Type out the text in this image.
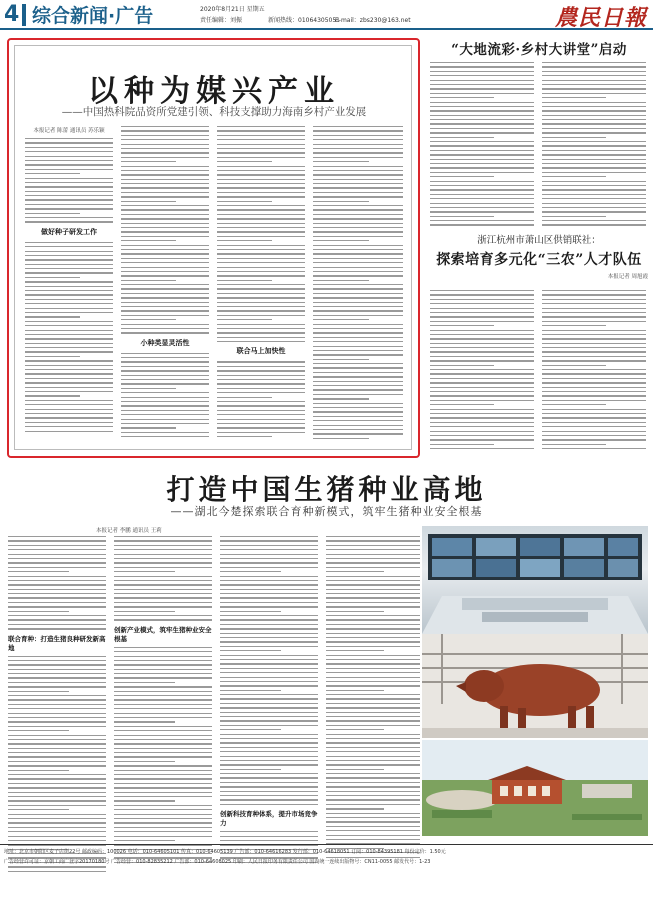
4 综合新闻·广告	2020年8月21日 星期五
责任编辑：刘振	新闻热线： 01064305051
E-mail：zbs230@163.net	農民日報
以种为媒兴产业
——中国热科院品资所党建引领、科技支撑助力海南乡村产业发展
本报记者 陈蕾 通讯员 苏乐颖
做好种子研发工作
小种类显灵活性
联合马上加快性
“大地流彩·乡村大讲堂”启动
浙江杭州市萧山区供销联社：
探索培育多元化“三农”人才队伍
本报记者 周旭霞
打造中国生猪种业高地
——湖北今楚探索联合育种新模式，筑牢生猪种业安全根基
本报记者 李鹏 通讯员 王莉
联合育种：打造生猪良种研发新高地
创新产业模式，筑牢生猪种业安全根基
创新科技育种体系，提升市场竞争力
地址：北京市朝阳区麦子店街22号 邮政编码：100026 电话：010-64605101 传真：010-64605139 广告部：010-64616283 发行部：010-64618051 订阅：010-84395181 每份定价：1.50元
广告经营许可证：京朝工商广登字20170180号 广告经营：010-82835212 广告部：010-64608025 印刷：人民日报印务有限责任公司 国内统一连续出版物号：CN11-0055 邮发代号：1-23
